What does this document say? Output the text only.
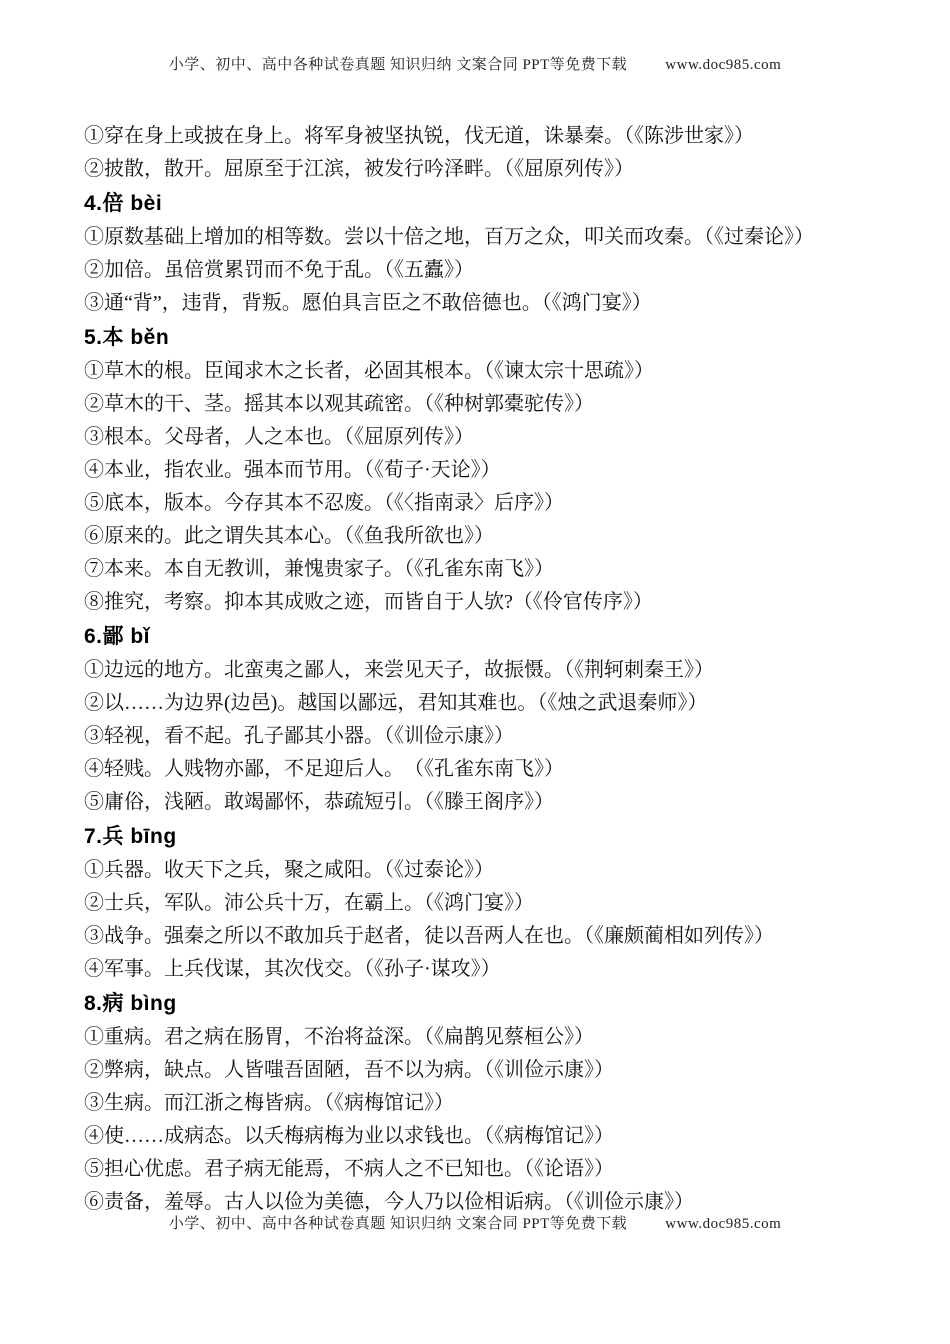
小学、初中、高中各种试卷真题 知识归纳 文案合同 PPT等免费下载	www.doc985.com

①穿在身上或披在身上。将军身被坚执锐，伐无道，诛暴秦。（《陈涉世家》）

②披散，散开。屈原至于江滨，被发行吟泽畔。（《屈原列传》）

4.倍 bèi

①原数基础上增加的相等数。尝以十倍之地，百万之众，叩关而攻秦。（《过秦论》）

②加倍。虽倍赏累罚而不免于乱。（《五蠹》）

③通“背”，违背，背叛。愿伯具言臣之不敢倍德也。（《鸿门宴》）

5.本 běn

①草木的根。臣闻求木之长者，必固其根本。（《谏太宗十思疏》）

②草木的干、茎。摇其本以观其疏密。（《种树郭橐驼传》）

③根本。父母者，人之本也。（《屈原列传》）

④本业，指农业。强本而节用。（《荀子·天论》）

⑤底本，版本。今存其本不忍废。（《〈指南录〉后序》）

⑥原来的。此之谓失其本心。（《鱼我所欲也》）

⑦本来。本自无教训，兼愧贵家子。（《孔雀东南飞》）

⑧推究，考察。抑本其成败之迹，而皆自于人欤?（《伶官传序》）

6.鄙 bǐ

①边远的地方。北蛮夷之鄙人，来尝见天子，故振慑。（《荆轲刺秦王》）

②以……为边界(边邑)。越国以鄙远，君知其难也。（《烛之武退秦师》）

③轻视，看不起。孔子鄙其小器。（《训俭示康》）

④轻贱。人贱物亦鄙，不足迎后人。　（《孔雀东南飞》）

⑤庸俗，浅陋。敢竭鄙怀，恭疏短引。（《滕王阁序》）

7.兵 bīng

①兵器。收天下之兵，聚之咸阳。（《过泰论》）

②士兵，军队。沛公兵十万，在霸上。（《鸿门宴》）

③战争。强秦之所以不敢加兵于赵者，徒以吾两人在也。（《廉颇蔺相如列传》）

④军事。上兵伐谋，其次伐交。（《孙子·谋攻》）

8.病 bìng

①重病。君之病在肠胃，不治将益深。（《扁鹊见蔡桓公》）

②弊病，缺点。人皆嗤吾固陋，吾不以为病。（《训俭示康》）

③生病。而江浙之梅皆病。（《病梅馆记》）

④使……成病态。以夭梅病梅为业以求钱也。（《病梅馆记》）

⑤担心优虑。君子病无能焉，不病人之不已知也。（《论语》）

⑥责备，羞辱。古人以俭为美德，今人乃以俭相诟病。（《训俭示康》）

小学、初中、高中各种试卷真题 知识归纳 文案合同 PPT等免费下载	www.doc985.com
